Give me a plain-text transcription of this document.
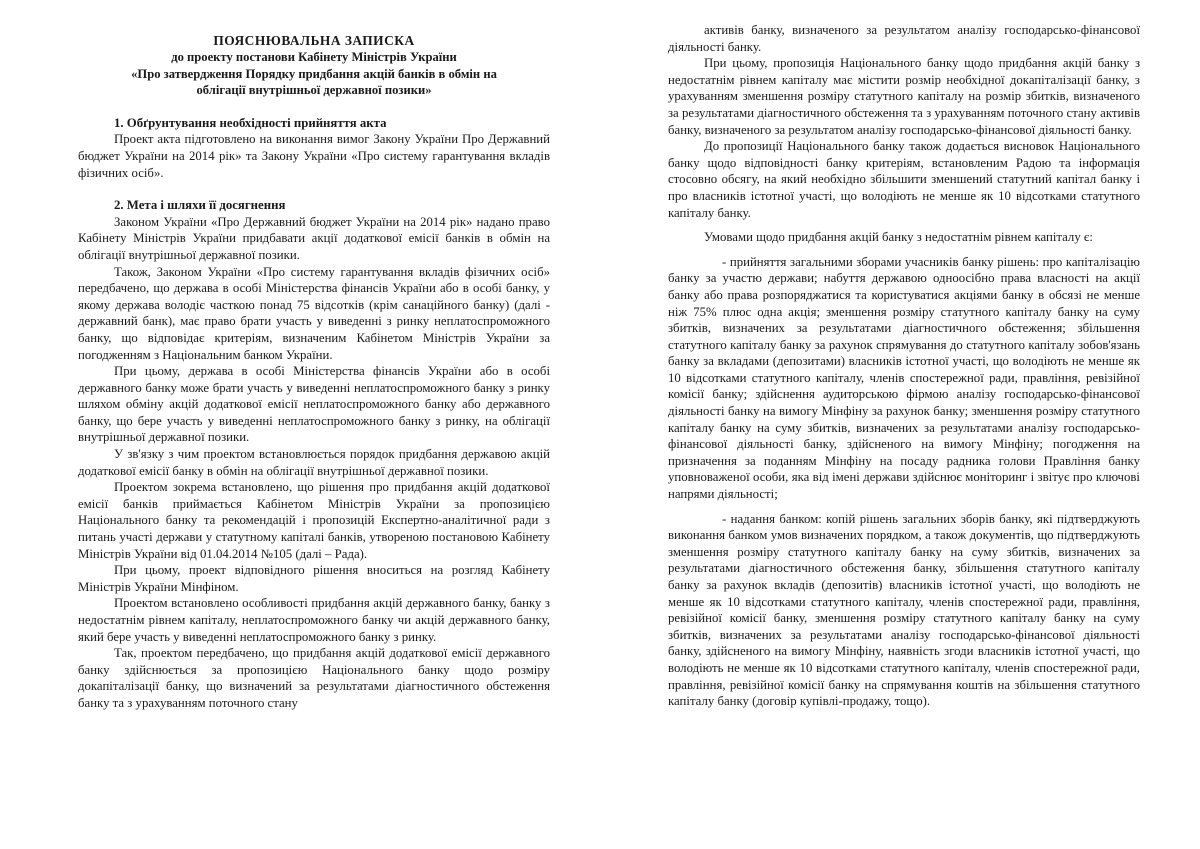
ПОЯСНЮВАЛЬНА ЗАПИСКА
до проекту постанови Кабінету Міністрів України
«Про затвердження Порядку придбання акцій банків в обмін на
облігації внутрішньої державної позики»
1. Обґрунтування необхідності прийняття акта

Проект акта підготовлено на виконання вимог Закону України Про Державний бюджет України на 2014 рік» та Закону України «Про систему гарантування вкладів фізичних осіб».

2. Мета і шляхи її досягнення

Законом України «Про Державний бюджет України на 2014 рік» надано право Кабінету Міністрів України придбавати акції додаткової емісії банків в обмін на облігації внутрішньої державної позики.

Також, Законом України «Про систему гарантування вкладів фізичних осіб» передбачено, що держава в особі Міністерства фінансів України або в особі банку, у якому держава володіє часткою понад 75 відсотків (крім санаційного банку) (далі - державний банк), має право брати участь у виведенні з ринку неплатоспроможного банку, що відповідає критеріям, визначеним Кабінетом Міністрів України за погодженням з Національним банком України.

При цьому, держава в особі Міністерства фінансів України або в особі державного банку може брати участь у виведенні неплатоспроможного банку з ринку шляхом обміну акцій додаткової емісії неплатоспроможного банку або державного банку, що бере участь у виведенні неплатоспроможного банку з ринку, на облігації внутрішньої державної позики.

У зв'язку з чим проектом встановлюється порядок придбання державою акцій додаткової емісії банку в обмін на облігації внутрішньої державної позики.

Проектом зокрема встановлено, що рішення про придбання акцій додаткової емісії банків приймається Кабінетом Міністрів України за пропозицією Національного банку та рекомендацій і пропозицій Експертно-аналітичної ради з питань участі держави у статутному капіталі банків, утвореною постановою Кабінету Міністрів України від 01.04.2014 №105 (далі – Рада).

При цьому, проект відповідного рішення вноситься на розгляд Кабінету Міністрів України Мінфіном.

Проектом встановлено особливості придбання акцій державного банку, банку з недостатнім рівнем капіталу, неплатоспроможного банку чи акцій державного банку, який бере участь у виведенні неплатоспроможного банку з ринку.

Так, проектом передбачено, що придбання акцій додаткової емісії державного банку здійснюється за пропозицією Національного банку щодо розміру докапіталізації банку, що визначений за результатами діагностичного обстеження банку та з урахуванням поточного стану

активів банку, визначеного за результатом аналізу господарсько-фінансової діяльності банку.

При цьому, пропозиція Національного банку щодо придбання акцій банку з недостатнім рівнем капіталу має містити розмір необхідної докапіталізації банку, з урахуванням зменшення розміру статутного капіталу на розмір збитків, визначеного за результатами діагностичного обстеження та з урахуванням поточного стану активів банку, визначеного за результатом аналізу господарсько-фінансової діяльності банку.

До пропозиції Національного банку також додається висновок Національного банку щодо відповідності банку критеріям, встановленим Радою та інформація стосовно обсягу, на який необхідно збільшити зменшений статутний капітал банку і про власників істотної участі, що володіють не менше як 10 відсотками статутного капіталу банку.

Умовами щодо придбання акцій банку з недостатнім рівнем капіталу є:

- прийняття загальними зборами учасників банку рішень: про капіталізацію банку за участю держави; набуття державою одноосібно права власності на акції банку або права розпоряджатися та користуватися акціями банку в обсязі не менше ніж 75% плюс одна акція; зменшення розміру статутного капіталу банку на суму збитків, визначених за результатами діагностичного обстеження; збільшення статутного капіталу банку за рахунок спрямування до статутного капіталу зобов'язань банку за вкладами (депозитами) власників істотної участі, що володіють не менше як 10 відсотками статутного капіталу, членів спостережної ради, правління, ревізійної комісії банку; здійснення аудиторською фірмою аналізу господарсько-фінансової діяльності банку на вимогу Мінфіну за рахунок банку; зменшення розміру статутного капіталу банку на суму збитків, визначених за результатами аналізу господарсько-фінансової діяльності банку, здійсненого на вимогу Мінфіну; погодження на призначення за поданням Мінфіну на посаду радника голови Правління банку уповноваженої особи, яка від імені держави здійснює моніторинг і звітує про ключові напрями діяльності;

- надання банком: копій рішень загальних зборів банку, які підтверджують виконання банком умов визначених порядком, а також документів, що підтверджують зменшення розміру статутного капіталу банку на суму збитків, визначених за результатами діагностичного обстеження банку, збільшення статутного капіталу банку за рахунок вкладів (депозитів) власників істотної участі, що володіють не менше як 10 відсотками статутного капіталу, членів спостережної ради, правління, ревізійної комісії банку, зменшення розміру статутного капіталу банку на суму збитків, визначених за результатами аналізу господарсько-фінансової діяльності банку, здійсненого на вимогу Мінфіну, наявність згоди власників істотної участі, що володіють не менше як 10 відсотками статутного капіталу, членів спостережної ради, правління, ревізійної комісії банку на спрямування коштів на збільшення статутного капіталу банку (договір купівлі-продажу, тощо).
